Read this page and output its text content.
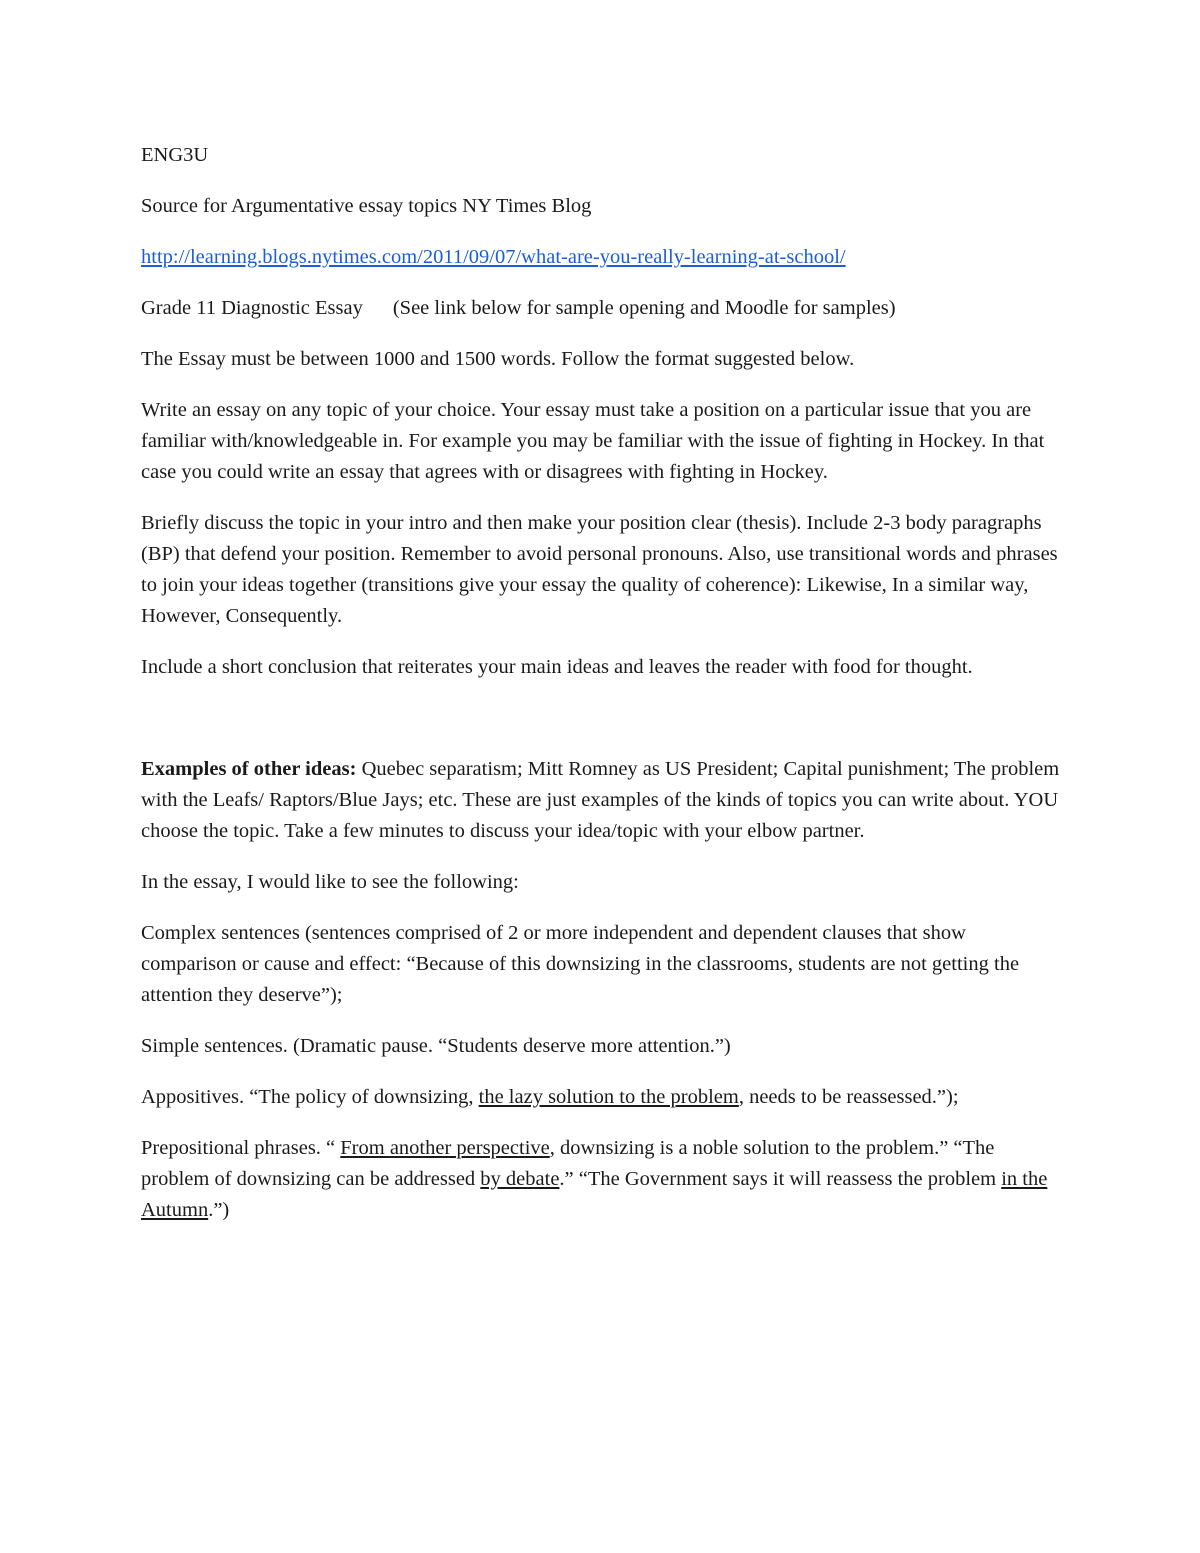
ENG3U

Source for Argumentative essay topics NY Times Blog

http://learning.blogs.nytimes.com/2011/09/07/what-are-you-really-learning-at-school/

Grade 11 Diagnostic Essay (See link below for sample opening and Moodle for samples)

The Essay must be between 1000 and 1500 words. Follow the format suggested below.

Write an essay on any topic of your choice. Your essay must take a position on a particular issue that you are familiar with/knowledgeable in. For example you may be familiar with the issue of fighting in Hockey. In that case you could write an essay that agrees with or disagrees with fighting in Hockey.

Briefly discuss the topic in your intro and then make your position clear (thesis). Include 2-3 body paragraphs (BP) that defend your position. Remember to avoid personal pronouns. Also, use transitional words and phrases to join your ideas together (transitions give your essay the quality of coherence): Likewise, In a similar way, However, Consequently.

Include a short conclusion that reiterates your main ideas and leaves the reader with food for thought.

Examples of other ideas: Quebec separatism; Mitt Romney as US President; Capital punishment; The problem with the Leafs/ Raptors/Blue Jays; etc. These are just examples of the kinds of topics you can write about. YOU choose the topic. Take a few minutes to discuss your idea/topic with your elbow partner.

In the essay, I would like to see the following:

Complex sentences (sentences comprised of 2 or more independent and dependent clauses that show comparison or cause and effect: “Because of this downsizing in the classrooms, students are not getting the attention they deserve”);

Simple sentences. (Dramatic pause. “Students deserve more attention.”)

Appositives. “The policy of downsizing, the lazy solution to the problem, needs to be reassessed.”);

Prepositional phrases. “ From another perspective, downsizing is a noble solution to the problem.” “The problem of downsizing can be addressed by debate.” “The Government says it will reassess the problem in the Autumn.”)
